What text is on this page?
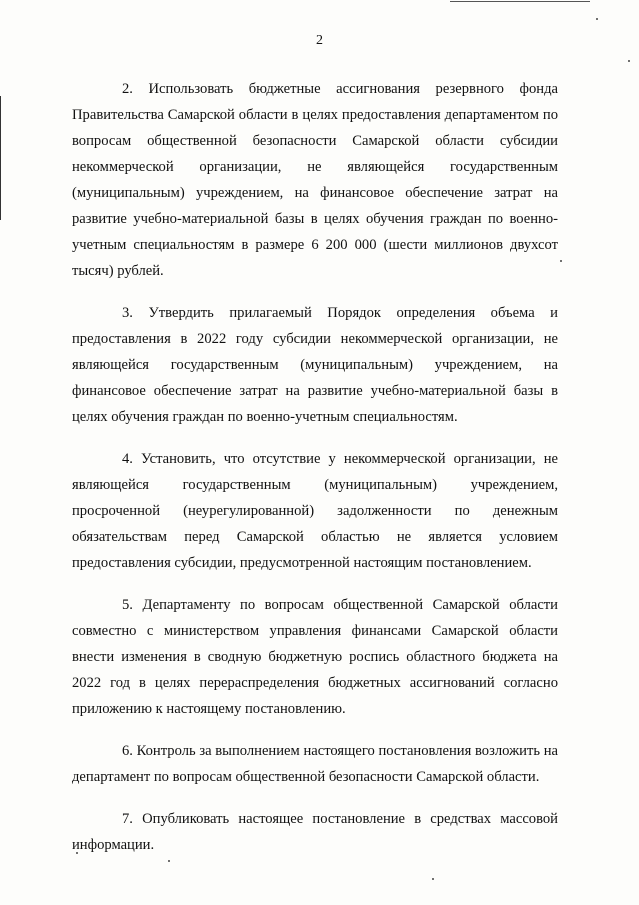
2

2. Использовать бюджетные ассигнования резервного фонда Правительства Самарской области в целях предоставления департаментом по вопросам общественной безопасности Самарской области субсидии некоммерческой организации, не являющейся государственным (муниципальным) учреждением, на финансовое обеспечение затрат на развитие учебно-материальной базы в целях обучения граждан по военно-учетным специальностям в размере 6 200 000 (шести миллионов двухсот тысяч) рублей.

3. Утвердить прилагаемый Порядок определения объема и предоставления в 2022 году субсидии некоммерческой организации, не являющейся государственным (муниципальным) учреждением, на финансовое обеспечение затрат на развитие учебно-материальной базы в целях обучения граждан по военно-учетным специальностям.

4. Установить, что отсутствие у некоммерческой организации, не являющейся государственным (муниципальным) учреждением, просроченной (неурегулированной) задолженности по денежным обязательствам перед Самарской областью не является условием предоставления субсидии, предусмотренной настоящим постановлением.

5. Департаменту по вопросам общественной Самарской области совместно с министерством управления финансами Самарской области внести изменения в сводную бюджетную роспись областного бюджета на 2022 год в целях перераспределения бюджетных ассигнований согласно приложению к настоящему постановлению.

6. Контроль за выполнением настоящего постановления возложить на департамент по вопросам общественной безопасности Самарской области.

7. Опубликовать настоящее постановление в средствах массовой информации.
